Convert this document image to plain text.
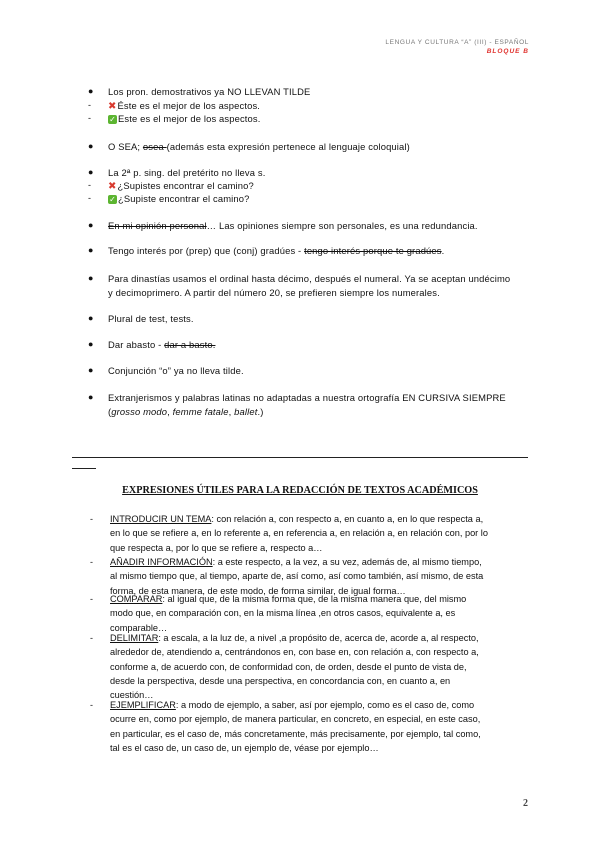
LENGUA Y CULTURA “A” (III) - ESPAÑOL
BLOQUE B
● Los pron. demostrativos ya NO LLEVAN TILDE
- ✖Éste es el mejor de los aspectos.
- ✓ Este es el mejor de los aspectos.
● O SEA; osea (además esta expresión pertenece al lenguaje coloquial)
● La 2ª p. sing. del pretérito no lleva s.
- ✖¿Supistes encontrar el camino?
- ✓ ¿Supiste encontrar el camino?
● En mi opinión personal… Las opiniones siempre son personales, es una redundancia.
● Tengo interés por (prep) que (conj) gradúes - tengo interés porque te gradúes.
● Para dinastías usamos el ordinal hasta décimo, después el numeral. Ya se aceptan undécimo
y decimoprimero. A partir del número 20, se prefieren siempre los numerales.
● Plural de test, tests.
● Dar abasto - dar a basto.
● Conjunción “o” ya no lleva tilde.
● Extranjerismos y palabras latinas no adaptadas a nuestra ortografía EN CURSIVA SIEMPRE
(grosso modo, femme fatale, ballet.)
EXPRESIONES ÚTILES PARA LA REDACCIÓN DE TEXTOS ACADÉMICOS
- INTRODUCIR UN TEMA: con relación a, con respecto a, en cuanto a, en lo que respecta a,
en lo que se refiere a, en lo referente a, en referencia a, en relación a, en relación con, por lo
que respecta a, por lo que se refiere a, respecto a…
- AÑADIR INFORMACIÓN: a este respecto, a la vez, a su vez, además de, al mismo tiempo,
al mismo tiempo que, al tiempo, aparte de, así como, así como también, así mismo, de esta
forma, de esta manera, de este modo, de forma similar, de igual forma…
- COMPARAR: al igual que, de la misma forma que, de la misma manera que, del mismo
modo que, en comparación con, en la misma línea ,en otros casos, equivalente a, es
comparable…
- DELIMITAR: a escala, a la luz de, a nivel ,a propósito de, acerca de, acorde a, al respecto,
alrededor de, atendiendo a, centrándonos en, con base en, con relación a, con respecto a,
conforme a, de acuerdo con, de conformidad con, de orden, desde el punto de vista de,
desde la perspectiva, desde una perspectiva, en concordancia con, en cuanto a, en
cuestión…
- EJEMPLIFICAR: a modo de ejemplo, a saber, así por ejemplo, como es el caso de, como
ocurre en, como por ejemplo, de manera particular, en concreto, en especial, en este caso,
en particular, es el caso de, más concretamente, más precisamente, por ejemplo, tal como,
tal es el caso de, un caso de, un ejemplo de, véase por ejemplo…
2
